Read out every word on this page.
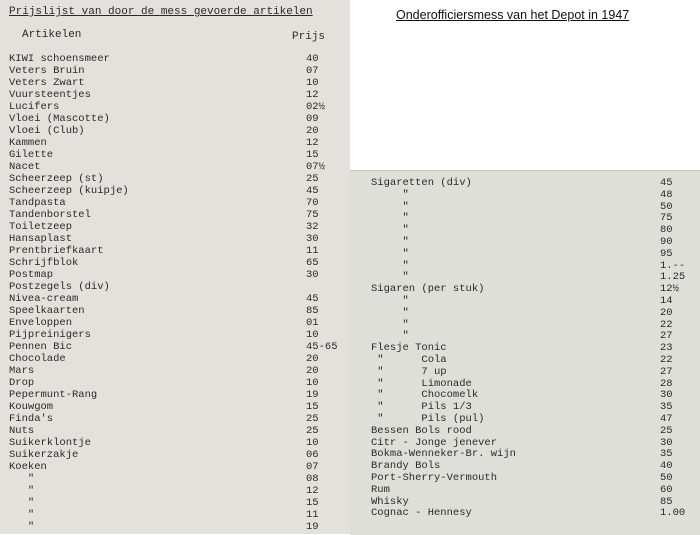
Prijslijst van door de mess gevoerde artikelen
Artikelen	Prijs
Onderofficiersmess van het Depot in 1947
KIWI schoensmeer	40
Veters Bruin	07
Veters Zwart	10
Vuursteentjes	12
Lucifers	02½
Vloei (Mascotte)	09
Vloei (Club)	20
Kammen	12
Gilette	15
Nacet	07½
Scheerzeep (st)	25
Scheerzeep (kuipje)	45
Tandpasta	70
Tandenborstel	75
Toiletzeep	32
Hansaplast	30
Prentbriefkaart	11
Schrijfblok	65
Postmap	30
Postzegels (div)
Nivea-cream	45
Speelkaarten	85
Enveloppen	01
Pijpreinigers	10
Pennen Bic	45-65
Chocolade	20
Mars	20
Drop	10
Pepermunt-Rang	19
Kouwgom	15
Finda's	25
Nuts	25
Suikerklontje	10
Suikerzakje	06
Koeken	07
"	08
"	12
"	15
"	11
"	19
Sigaretten (div)	45
"	48
"	50
"	75
"	80
"	90
"	95
"	1.--
"	1.25
Sigaren (per stuk)	12½
"	14
"	20
"	22
"	27
Flesje Tonic	23
"      Cola	22
"      7 up	27
"      Limonade	28
"      Chocomelk	30
"      Pils 1/3	35
"      Pils (pul)	47
Bessen Bols rood	25
Citr - Jonge jenever	30
Bokma-Wenneker-Br. wijn	35
Brandy Bols	40
Port-Sherry-Vermouth	50
Rum	60
Whisky	85
Cognac - Hennesy	1.00
